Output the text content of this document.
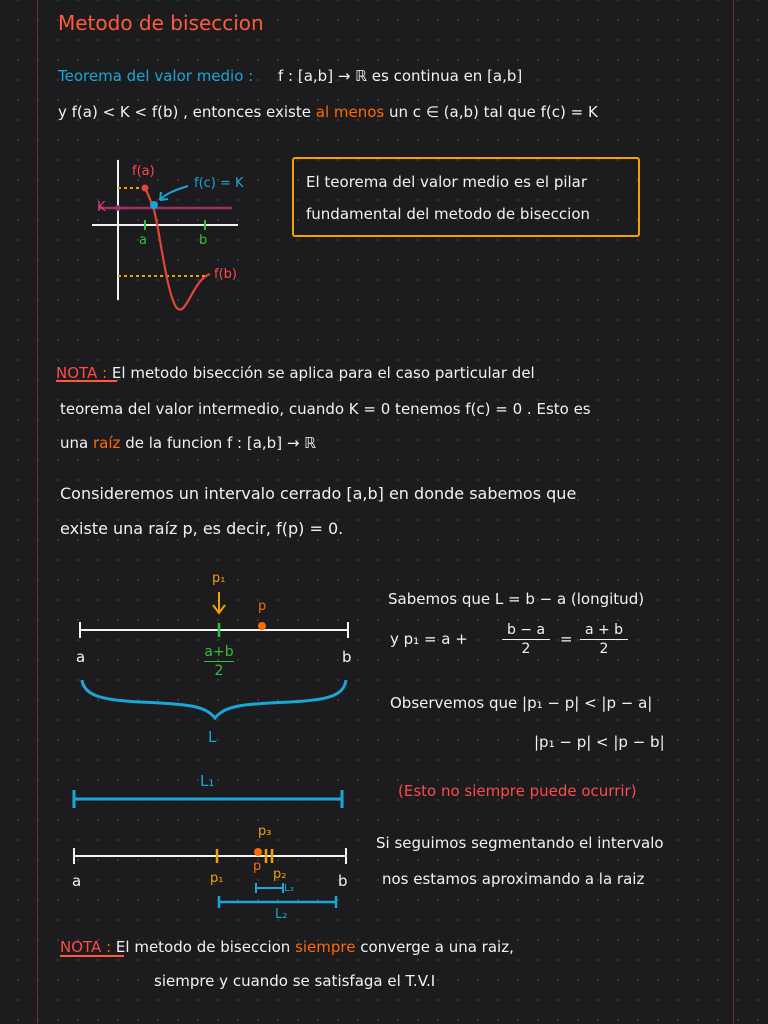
Metodo de biseccion
Teorema del valor medio : f : [a,b] → ℝ es continua en [a,b]
y f(a) < K < f(b) , entonces existe al menos un c ∈ (a,b) tal que f(c) = K
f(a)
f(c) = K
K
a	b
f(b)
El teorema del valor medio es el pilar
fundamental del metodo de biseccion
NOTA : El metodo bisección se aplica para el caso particular del
teorema del valor intermedio, cuando K = 0 tenemos f(c) = 0 . Esto es
una raíz de la funcion f : [a,b] → ℝ
Consideremos un intervalo cerrado [a,b] en donde sabemos que
existe una raíz p, es decir, f(p) = 0.
p₁
p
a	b
a+b
2
L
Sabemos que L = b − a (longitud)
y p₁ = a +	b − a
2
= a + b
2
Observemos que |p₁ − p| < |p − a|
|p₁ − p| < |p − b|
(Esto no siempre puede ocurrir)
L₁
p₃
p
a	p₁	p₂
L₃	b
L₂
Si seguimos segmentando el intervalo
nos estamos aproximando a la raiz
NOTA : El metodo de biseccion siempre converge a una raiz,
siempre y cuando se satisfaga el T.V.I
